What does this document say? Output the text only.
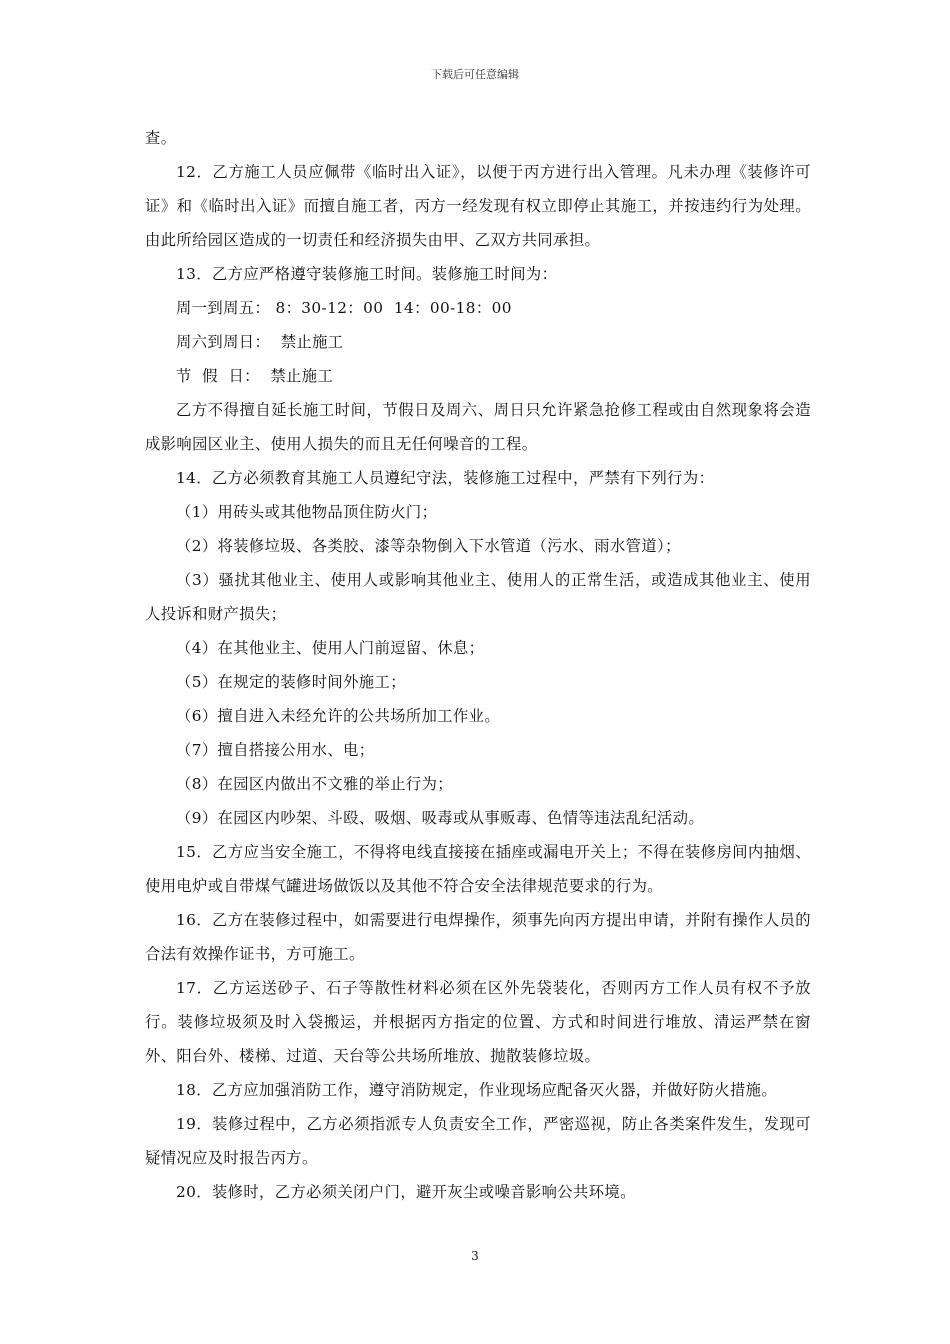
下载后可任意编辑

查。

12．乙方施工人员应佩带《临时出入证》，以便于丙方进行出入管理。凡未办理《装修许可证》和《临时出入证》而擅自施工者，丙方一经发现有权立即停止其施工，并按违约行为处理。由此所给园区造成的一切责任和经济损失由甲、乙双方共同承担。

13．乙方应严格遵守装修施工时间。装修施工时间为：

周一到周五： 8：30-12：00  14：00-18：00

周六到周日：  禁止施工

节  假  日：  禁止施工

乙方不得擅自延长施工时间，节假日及周六、周日只允许紧急抢修工程或由自然现象将会造成影响园区业主、使用人损失的而且无任何噪音的工程。

14．乙方必须教育其施工人员遵纪守法，装修施工过程中，严禁有下列行为：

（1）用砖头或其他物品顶住防火门；

（2）将装修垃圾、各类胶、漆等杂物倒入下水管道（污水、雨水管道）；

（3）骚扰其他业主、使用人或影响其他业主、使用人的正常生活，或造成其他业主、使用人投诉和财产损失；

（4）在其他业主、使用人门前逗留、休息；

（5）在规定的装修时间外施工；

（6）擅自进入未经允许的公共场所加工作业。

（7）擅自搭接公用水、电；

（8）在园区内做出不文雅的举止行为；

（9）在园区内吵架、斗殴、吸烟、吸毒或从事贩毒、色情等违法乱纪活动。

15．乙方应当安全施工，不得将电线直接接在插座或漏电开关上；不得在装修房间内抽烟、使用电炉或自带煤气罐进场做饭以及其他不符合安全法律规范要求的行为。

16．乙方在装修过程中，如需要进行电焊操作，须事先向丙方提出申请，并附有操作人员的合法有效操作证书，方可施工。

17．乙方运送砂子、石子等散性材料必须在区外先袋装化，否则丙方工作人员有权不予放行。装修垃圾须及时入袋搬运，并根据丙方指定的位置、方式和时间进行堆放、清运严禁在窗外、阳台外、楼梯、过道、天台等公共场所堆放、抛散装修垃圾。

18．乙方应加强消防工作，遵守消防规定，作业现场应配备灭火器，并做好防火措施。

19．装修过程中，乙方必须指派专人负责安全工作，严密巡视，防止各类案件发生，发现可疑情况应及时报告丙方。

20．装修时，乙方必须关闭户门，避开灰尘或噪音影响公共环境。

3
